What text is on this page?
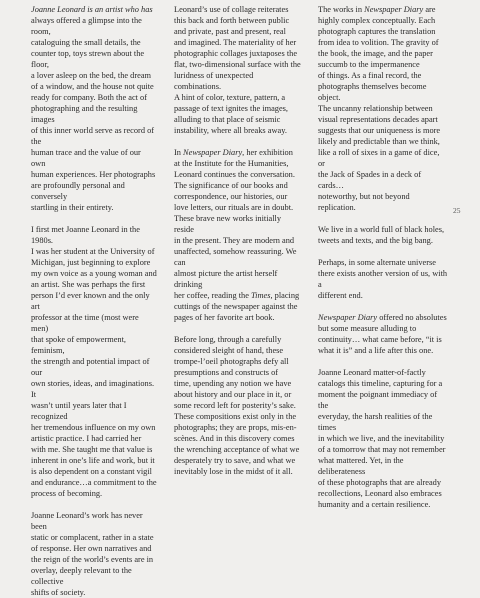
Joanne Leonard is an artist who has
always offered a glimpse into the room,
cataloguing the small details, the
counter top, toys strewn about the floor,
a lover asleep on the bed, the dream
of a window, and the house not quite
ready for company. Both the act of
photographing and the resulting images
of this inner world serve as record of the
human trace and the value of our own
human experiences. Her photographs
are profoundly personal and conversely
startling in their entirety.

I first met Joanne Leonard in the 1980s.
I was her student at the University of
Michigan, just beginning to explore
my own voice as a young woman and
an artist. She was perhaps the first
person I’d ever known and the only art
professor at the time (most were men)
that spoke of empowerment, feminism,
the strength and potential impact of our
own stories, ideas, and imaginations. It
wasn’t until years later that I recognized
her tremendous influence on my own
artistic practice. I had carried her
with me. She taught me that value is
inherent in one’s life and work, but it
is also dependent on a constant vigil
and endurance…a commitment to the
process of becoming.

Joanne Leonard’s work has never been
static or complacent, rather in a state
of response. Her own narratives and
the reign of the world’s events are in
overlay, deeply relevant to the collective
shifts of society.

Leonard’s use of collage reiterates
this back and forth between public
and private, past and present, real
and imagined. The materiality of her
photographic collages juxtaposes the
flat, two-dimensional surface with the
luridness of unexpected combinations.
A hint of color, texture, pattern, a
passage of text ignites the images,
alluding to that place of seismic
instability, where all breaks away.

In Newspaper Diary, her exhibition
at the Institute for the Humanities,
Leonard continues the conversation.
The significance of our books and
correspondence, our histories, our
love letters, our rituals are in doubt.
These brave new works initially reside
in the present. They are modern and
unaffected, somehow reassuring. We can
almost picture the artist herself drinking
her coffee, reading the Times, placing
cuttings of the newspaper against the
pages of her favorite art book.

Before long, through a carefully
considered sleight of hand, these
trompe-l’oeil photographs defy all
presumptions and constructs of
time, upending any notion we have
about history and our place in it, or
some record left for posterity’s sake.
These compositions exist only in the
photographs; they are props, mis-en-
scènes. And in this discovery comes
the wrenching acceptance of what we
desperately try to save, and what we
inevitably lose in the midst of it all.

The works in Newspaper Diary are
highly complex conceptually. Each
photograph captures the translation
from idea to volition. The gravity of
the book, the image, and the paper
succumb to the impermanence
of things. As a final record, the
photographs themselves become object.
The uncanny relationship between
visual representations decades apart
suggests that our uniqueness is more
likely and predictable than we think,
like a roll of sixes in a game of dice, or
the Jack of Spades in a deck of cards…
noteworthy, but not beyond replication.

We live in a world full of black holes,
tweets and texts, and the big bang.

Perhaps, in some alternate universe
there exists another version of us, with a
different end.

Newspaper Diary offered no absolutes
but some measure alluding to
continuity… what came before, “it is
what it is” and a life after this one.

Joanne Leonard matter-of-factly
catalogs this timeline, capturing for a
moment the poignant immediacy of the
everyday, the harsh realities of the times
in which we live, and the inevitability
of a tomorrow that may not remember
what mattered. Yet, in the deliberateness
of these photographs that are already
recollections, Leonard also embraces
humanity and a certain resilience.

25
